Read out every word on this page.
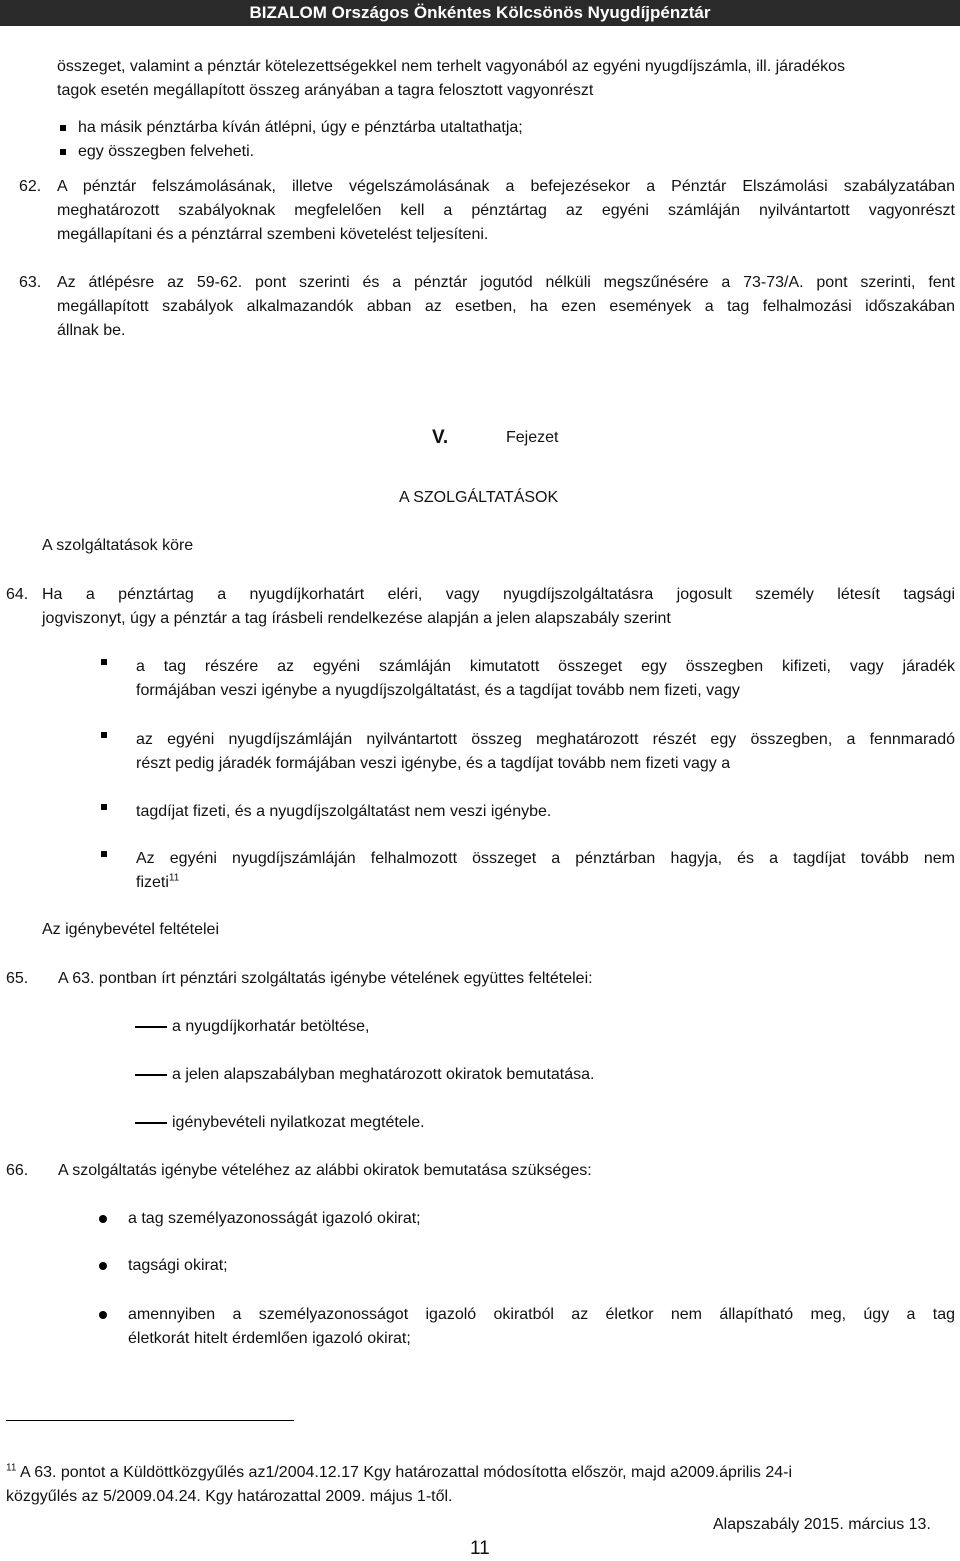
BIZALOM Országos Önkéntes Kölcsönös Nyugdíjpénztár
összeget, valamint a pénztár kötelezettségekkel nem terhelt vagyonából az egyéni nyugdíjszámla, ill. járadékos
tagok esetén megállapított összeg arányában a tagra felosztott vagyonrészt
ha másik pénztárba kíván átlépni, úgy e pénztárba utaltathatja;
egy összegben felveheti.
62. A pénztár felszámolásának, illetve végelszámolásának a befejezésekor a Pénztár Elszámolási szabályzatában
meghatározott szabályoknak megfelelően kell a pénztártag az egyéni számláján nyilvántartott vagyonrészt
megállapítani és a pénztárral szembeni követelést teljesíteni.
63. Az átlépésre az 59-62. pont szerinti és a pénztár jogutód nélküli megszűnésére a 73-73/A. pont szerinti, fent
megállapított szabályok alkalmazandók abban az esetben, ha ezen események a tag felhalmozási időszakában
állnak be.
V.	Fejezet
A SZOLGÁLTATÁSOK
A szolgáltatások köre
64. Ha a pénztártag a nyugdíjkorhatárt eléri, vagy nyugdíjszolgáltatásra jogosult személy létesít tagsági
jogviszonyt, úgy a pénztár a tag írásbeli rendelkezése alapján a jelen alapszabály szerint
a tag részére az egyéni számláján kimutatott összeget egy összegben kifizeti, vagy járadék
formájában veszi igénybe a nyugdíjszolgáltatást, és a tagdíjat tovább nem fizeti, vagy
az egyéni nyugdíjszámláján nyilvántartott összeg meghatározott részét egy összegben, a fennmaradó
részt pedig járadék formájában veszi igénybe, és a tagdíjat tovább nem fizeti vagy a
tagdíjat fizeti, és a nyugdíjszolgáltatást nem veszi igénybe.
Az egyéni nyugdíjszámláján felhalmozott összeget a pénztárban hagyja, és a tagdíjat tovább nem
fizeti$^{11}$
Az igénybevétel feltételei
65. A 63. pontban írt pénztári szolgáltatás igénybe vételének együttes feltételei:
a nyugdíjkorhatár betöltése,
a jelen alapszabályban meghatározott okiratok bemutatása.
igénybevételi nyilatkozat megtétele.
66. A szolgáltatás igénybe vételéhez az alábbi okiratok bemutatása szükséges:
a tag személyazonosságát igazoló okirat;
tagsági okirat;
amennyiben a személyazonosságot igazoló okiratból az életkor nem állapítható meg, úgy a tag
életkorát hitelt érdemlően igazoló okirat;
$^{11}$ A 63. pontot a Küldöttközgyűlés az1/2004.12.17 Kgy határozattal módosította először, majd a2009.április 24-i
közgyűlés az 5/2009.04.24. Kgy határozattal 2009. május 1-től.
Alapszabály 2015. március 13.
11
